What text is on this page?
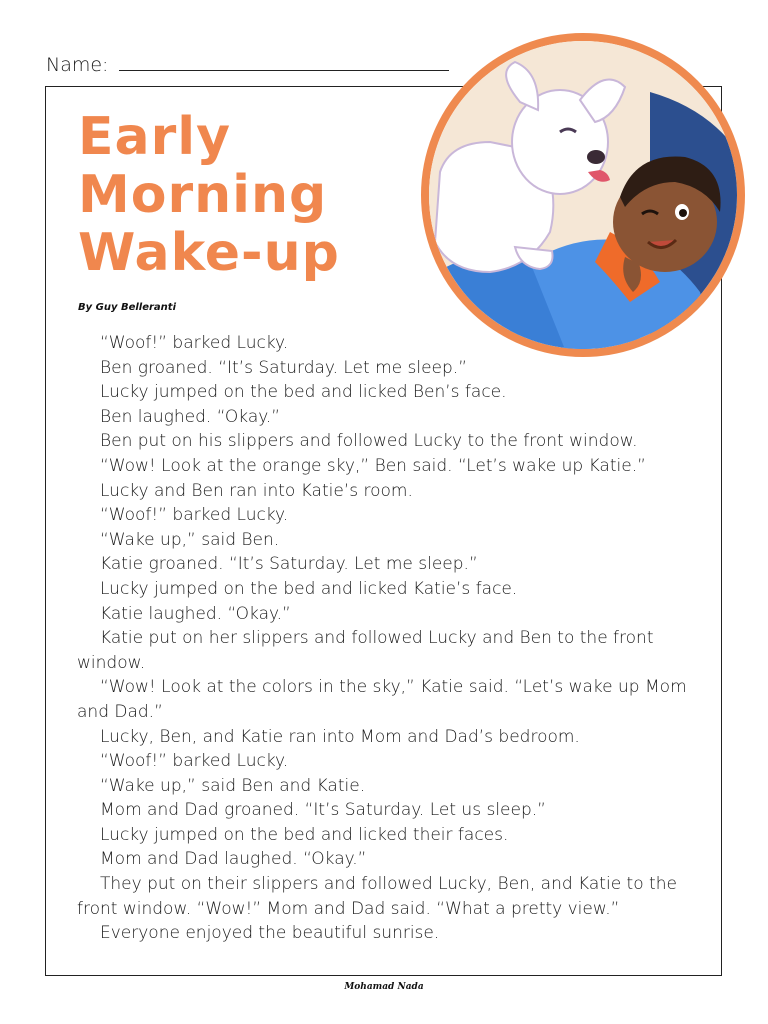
Name:
Early
Morning
Wake-up
By Guy Belleranti

“Woof!” barked Lucky.

Ben groaned. “It’s Saturday. Let me sleep.”

Lucky jumped on the bed and licked Ben’s face.

Ben laughed. “Okay.”

Ben put on his slippers and followed Lucky to the front window.

“Wow! Look at the orange sky,” Ben said. “Let’s wake up Katie.”

Lucky and Ben ran into Katie’s room.

“Woof!” barked Lucky.

“Wake up,” said Ben.

Katie groaned. “It’s Saturday. Let me sleep.”

Lucky jumped on the bed and licked Katie’s face.

Katie laughed. “Okay.”

Katie put on her slippers and followed Lucky and Ben to the front window.

“Wow! Look at the colors in the sky,” Katie said. “Let’s wake up Mom and Dad.”

Lucky, Ben, and Katie ran into Mom and Dad’s bedroom.

“Woof!” barked Lucky.

“Wake up,” said Ben and Katie.

Mom and Dad groaned. “It’s Saturday. Let us sleep.”

Lucky jumped on the bed and licked their faces.

Mom and Dad laughed. “Okay.”

They put on their slippers and followed Lucky, Ben, and Katie to the front window. “Wow!” Mom and Dad said. “What a pretty view.”

Everyone enjoyed the beautiful sunrise.

Mohamad Nada
